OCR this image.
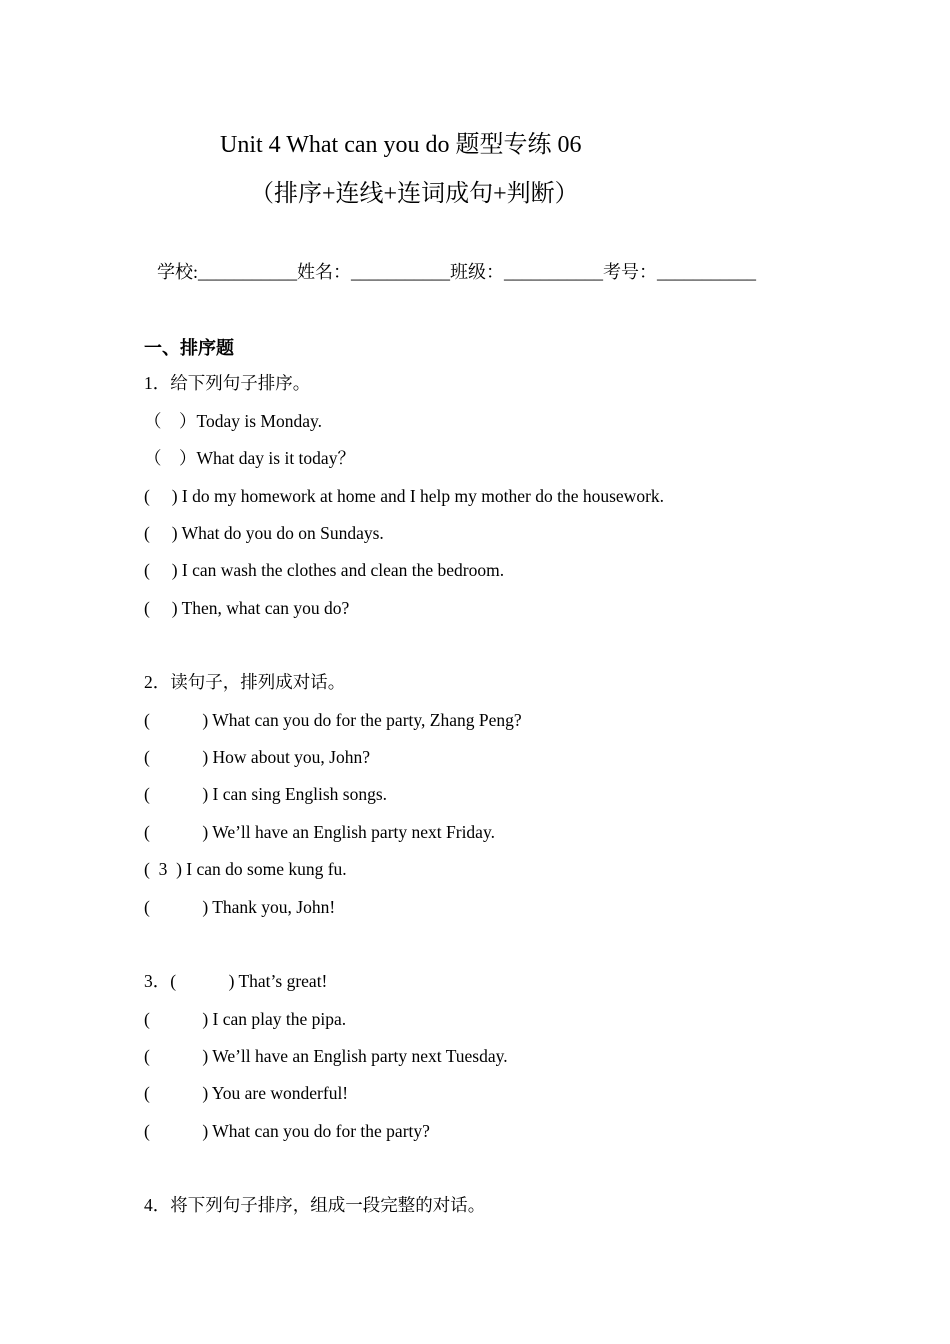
Unit 4 What can you do 题型专练 06
（排序+连线+连词成句+判断）
学校:___________姓名：___________班级：___________考号：___________
一、排序题
1．给下列句子排序。
（    ）Today is Monday.
（    ）What day is it today？
(     ) I do my homework at home and I help my mother do the housework.
(     ) What do you do on Sundays.
(     ) I can wash the clothes and clean the bedroom.
(     ) Then, what can you do?
2．读句子，排列成对话。
(            ) What can you do for the party, Zhang Peng?
(            ) How about you, John?
(            ) I can sing English songs.
(            ) We’ll have an English party next Friday.
(  3  ) I can do some kung fu.
(            ) Thank you, John!
3．(            ) That’s great!
(            ) I can play the pipa.
(            ) We’ll have an English party next Tuesday.
(            ) You are wonderful!
(            ) What can you do for the party?
4．将下列句子排序，组成一段完整的对话。
